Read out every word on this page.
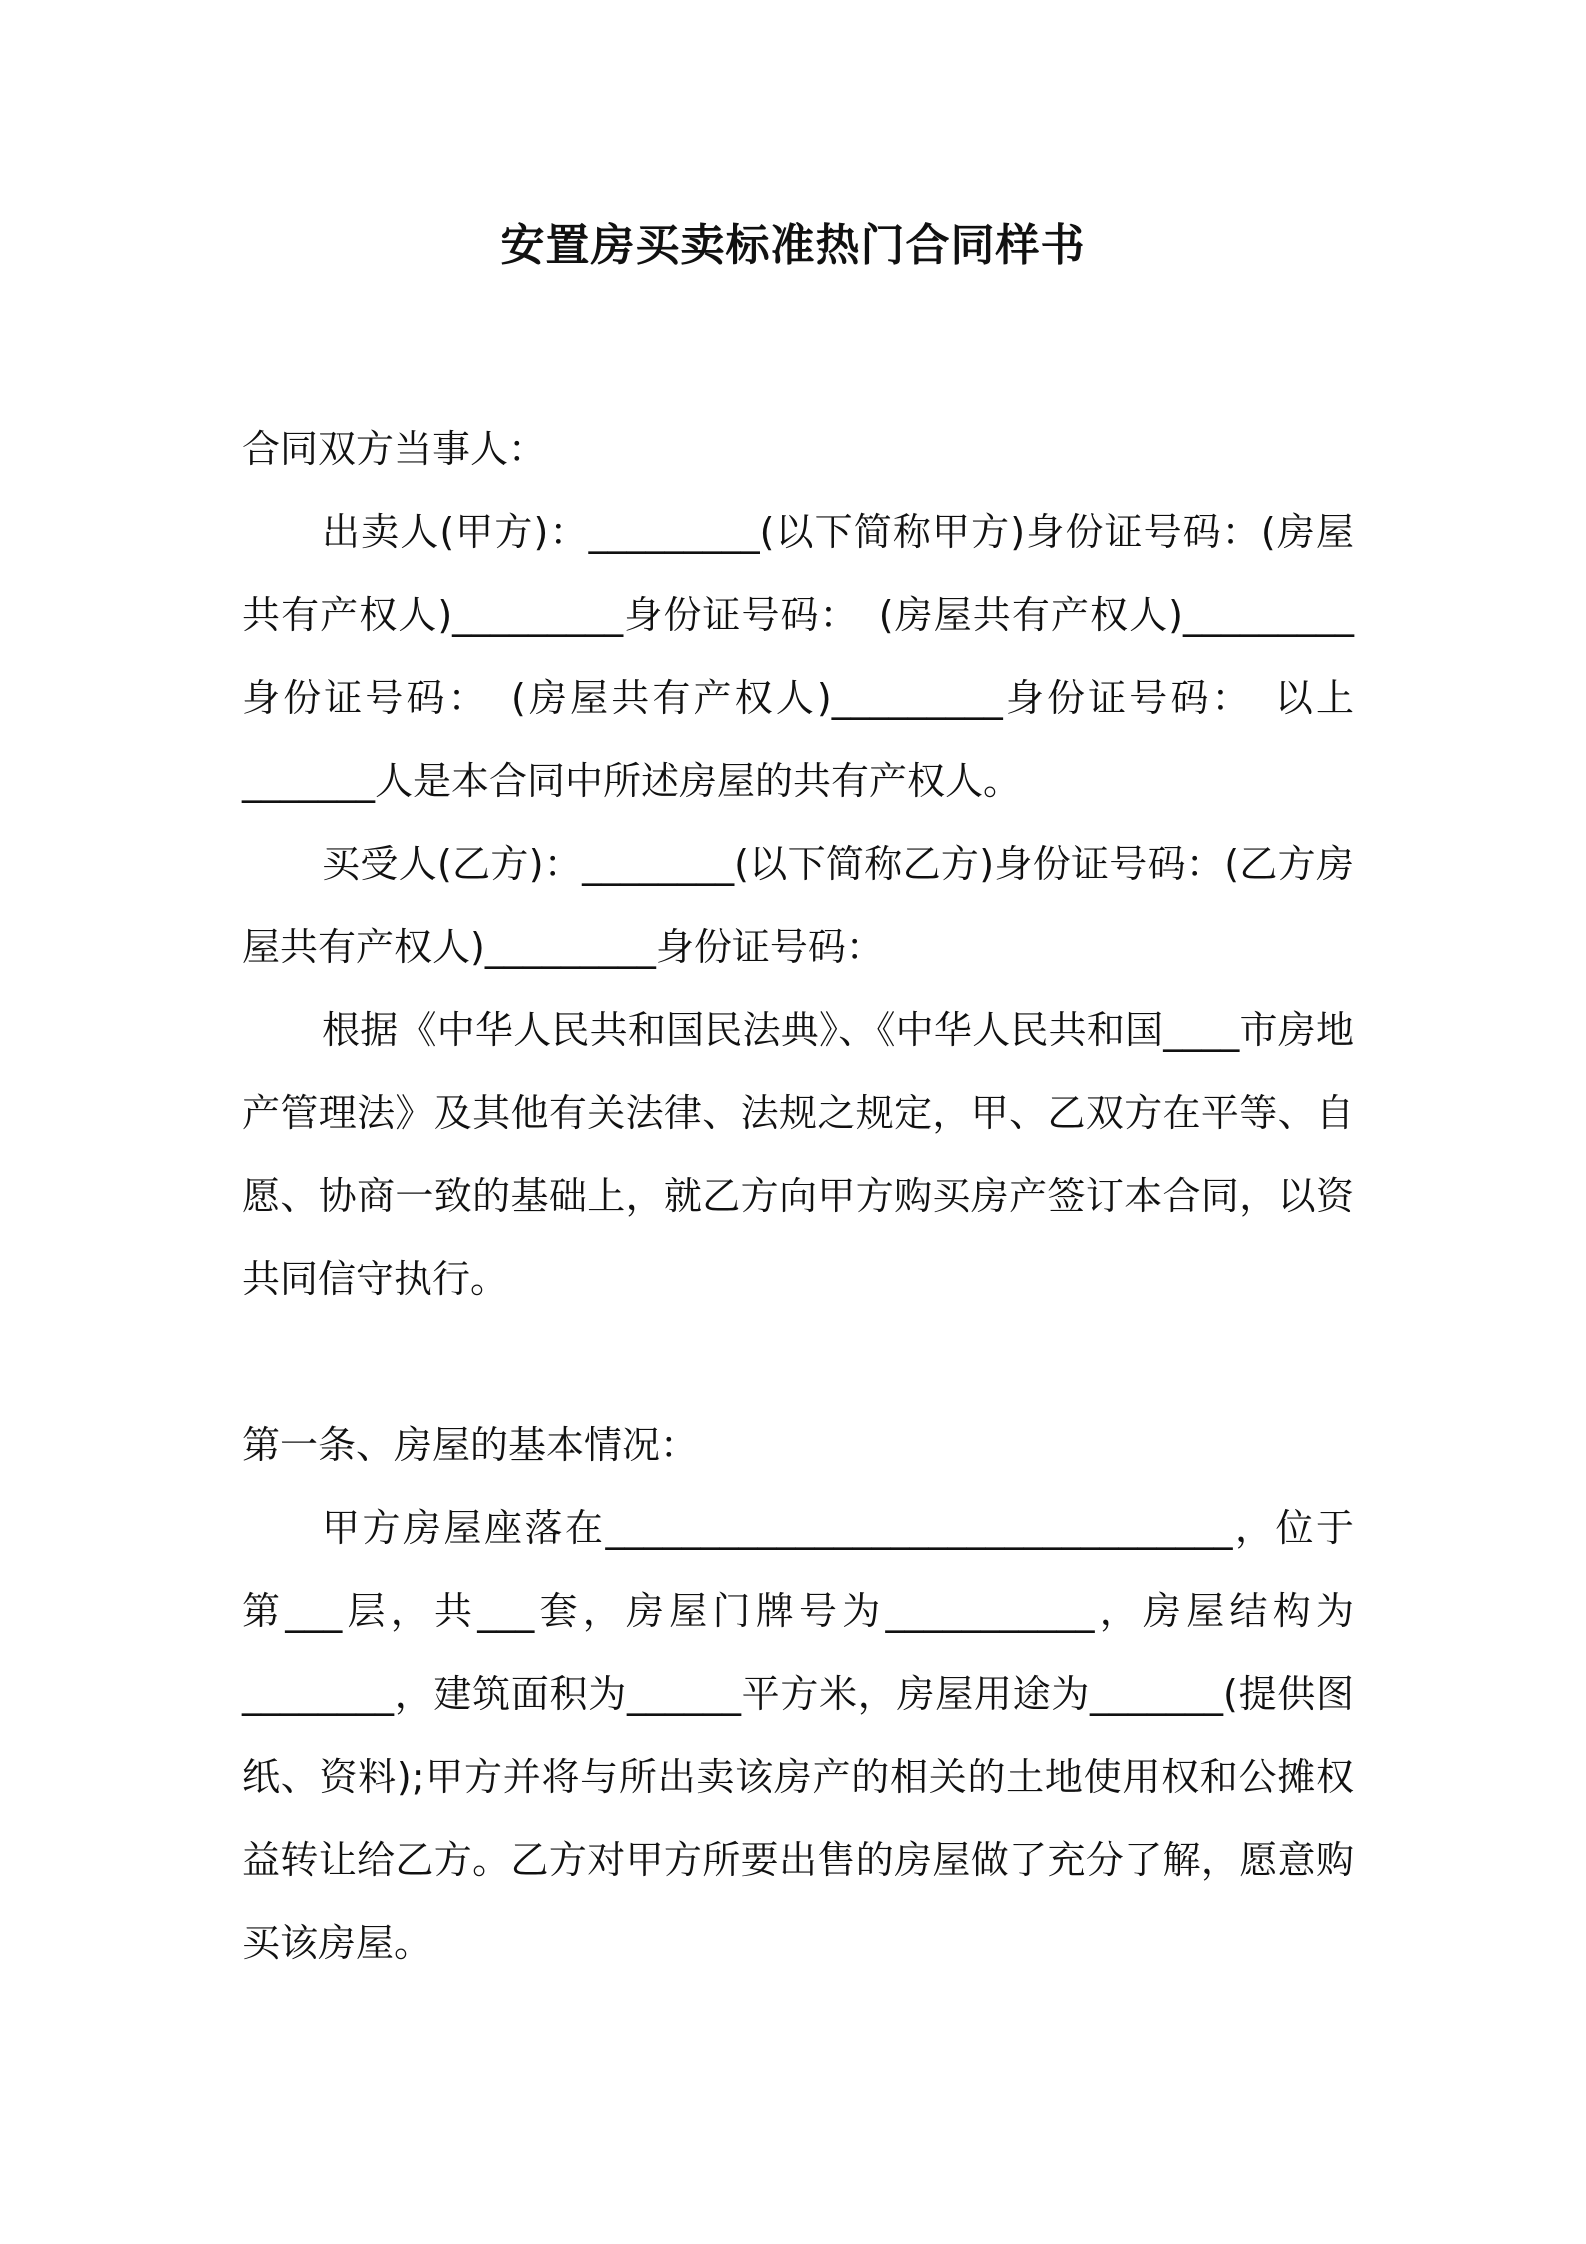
安置房买卖标准热门合同样书

合同双方当事人：

出卖人(甲方)：_________(以下简称甲方)身份证号码：(房屋共有产权人)_________身份证号码：　(房屋共有产权人)_________身份证号码：　(房屋共有产权人)_________身份证号码：　以上_______人是本合同中所述房屋的共有产权人。

买受人(乙方)：________(以下简称乙方)身份证号码：(乙方房屋共有产权人)_________身份证号码：

根据《中华人民共和国民法典》、《中华人民共和国____市房地产管理法》及其他有关法律、法规之规定，甲、乙双方在平等、自愿、协商一致的基础上，就乙方向甲方购买房产签订本合同，以资共同信守执行。

第一条、房屋的基本情况：

甲方房屋座落在_________________________________，位于第___层，共___套，房屋门牌号为___________，房屋结构为________，建筑面积为______平方米，房屋用途为_______(提供图纸、资料);甲方并将与所出卖该房产的相关的土地使用权和公摊权益转让给乙方。乙方对甲方所要出售的房屋做了充分了解，愿意购买该房屋。
